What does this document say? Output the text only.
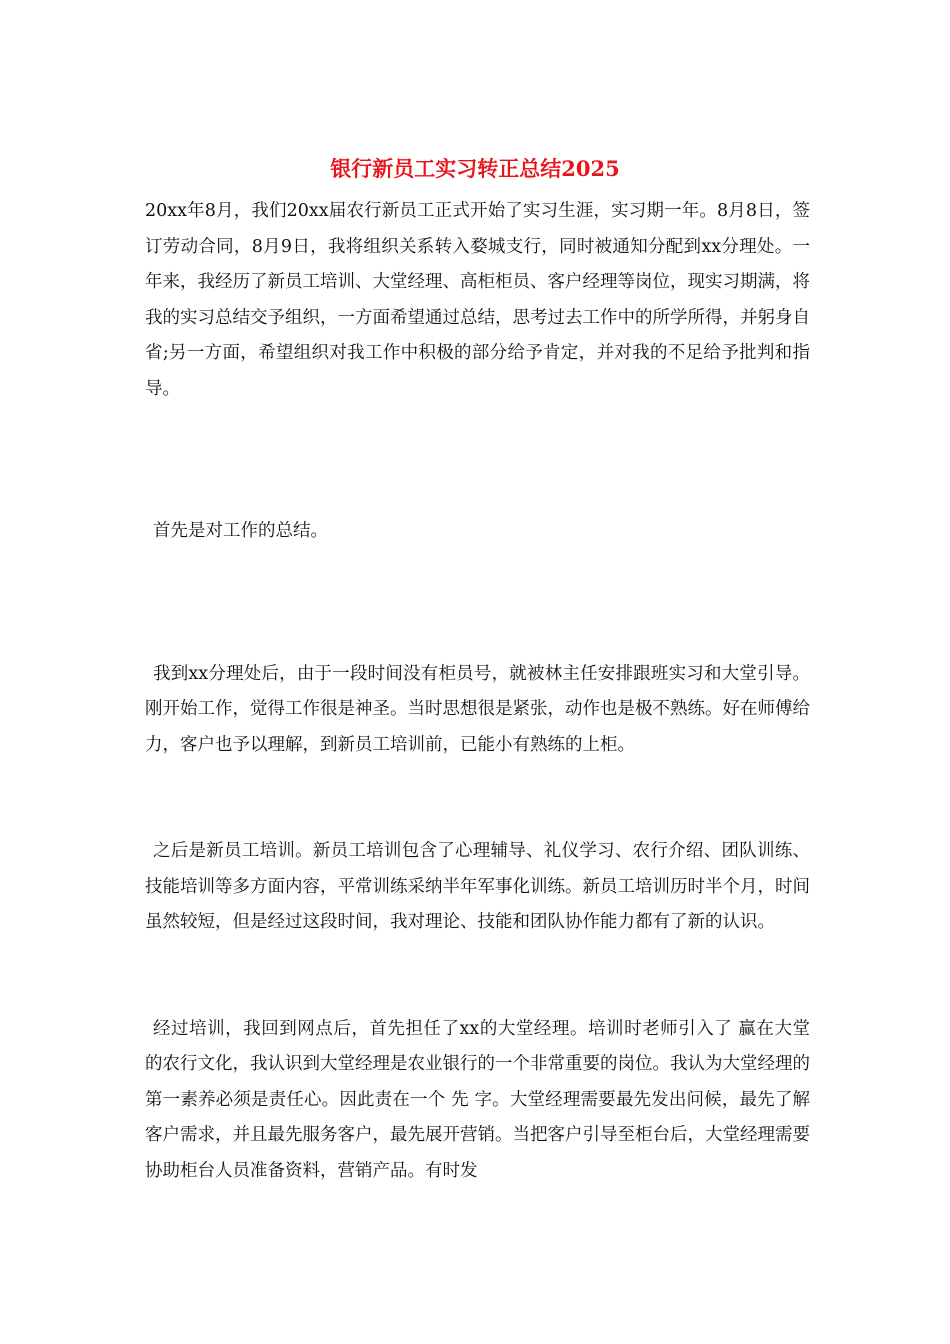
银行新员工实习转正总结2025

20xx年8月，我们20xx届农行新员工正式开始了实习生涯，实习期一年。8月8日，签订劳动合同，8月9日，我将组织关系转入婺城支行，同时被通知分配到xx分理处。一年来，我经历了新员工培训、大堂经理、高柜柜员、客户经理等岗位，现实习期满，将我的实习总结交予组织，一方面希望通过总结，思考过去工作中的所学所得，并躬身自省;另一方面，希望组织对我工作中积极的部分给予肯定，并对我的不足给予批判和指导。

首先是对工作的总结。

我到xx分理处后，由于一段时间没有柜员号，就被林主任安排跟班实习和大堂引导。刚开始工作，觉得工作很是神圣。当时思想很是紧张，动作也是极不熟练。好在师傅给力，客户也予以理解，到新员工培训前，已能小有熟练的上柜。

之后是新员工培训。新员工培训包含了心理辅导、礼仪学习、农行介绍、团队训练、技能培训等多方面内容，平常训练采纳半年军事化训练。新员工培训历时半个月，时间虽然较短，但是经过这段时间，我对理论、技能和团队协作能力都有了新的认识。

经过培训，我回到网点后，首先担任了xx的大堂经理。培训时老师引入了 赢在大堂 的农行文化，我认识到大堂经理是农业银行的一个非常重要的岗位。我认为大堂经理的第一素养必须是责任心。因此责在一个 先 字。大堂经理需要最先发出问候，最先了解客户需求，并且最先服务客户，最先展开营销。当把客户引导至柜台后，大堂经理需要协助柜台人员准备资料，营销产品。有时发
